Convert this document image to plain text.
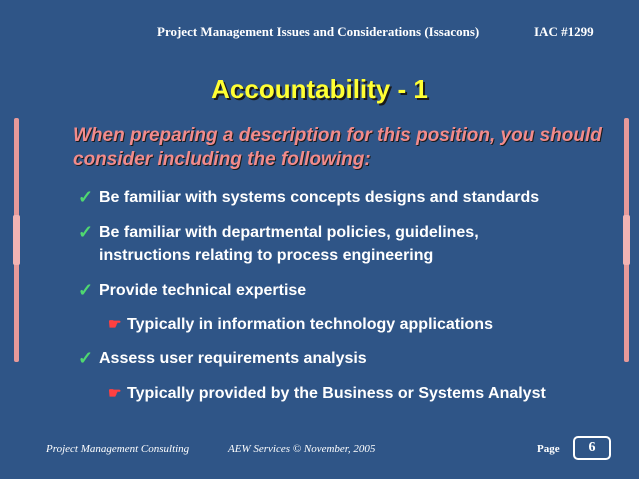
Project Management Issues and Considerations (Issacons)	IAC #1299
Accountability - 1
When preparing a description for this position, you should consider including the following:
✓ Be familiar with systems concepts designs and standards
✓ Be familiar with departmental policies, guidelines, instructions relating to process engineering
✓ Provide technical expertise
☛ Typically in information technology applications
✓ Assess user requirements analysis
☛ Typically provided by the Business or Systems Analyst
Project Management Consulting	AEW Services © November, 2005	Page	6
